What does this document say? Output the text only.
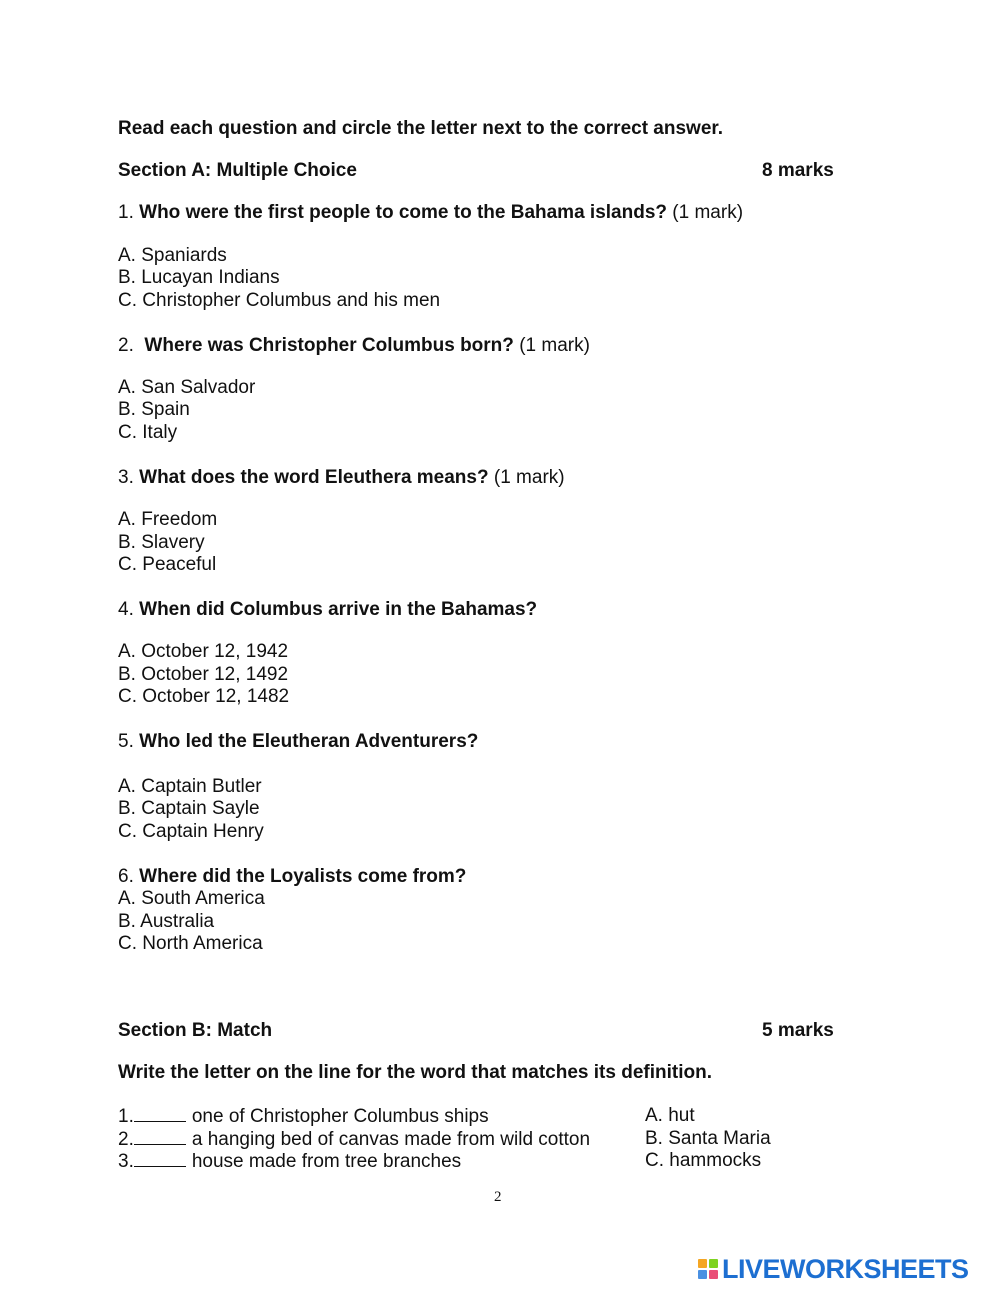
Read each question and circle the letter next to the correct answer.
Section A: Multiple Choice	8 marks
1. Who were the first people to come to the Bahama islands? (1 mark)
A. Spaniards
B. Lucayan Indians
C. Christopher Columbus and his men
2. Where was Christopher Columbus born? (1 mark)
A. San Salvador
B. Spain
C. Italy
3. What does the word Eleuthera means? (1 mark)
A. Freedom
B. Slavery
C. Peaceful
4. When did Columbus arrive in the Bahamas?
A. October 12, 1942
B. October 12, 1492
C. October 12, 1482
5. Who led the Eleutheran Adventurers?
A. Captain Butler
B. Captain Sayle
C. Captain Henry
6. Where did the Loyalists come from?
A. South America
B. Australia
C. North America
Section B: Match	5 marks
Write the letter on the line for the word that matches its definition.
1.	one of Christopher Columbus ships	A. hut
2.	a hanging bed of canvas made from wild cotton	B. Santa Maria
3.	house made from tree branches	C. hammocks
2
LIVEWORKSHEETS
